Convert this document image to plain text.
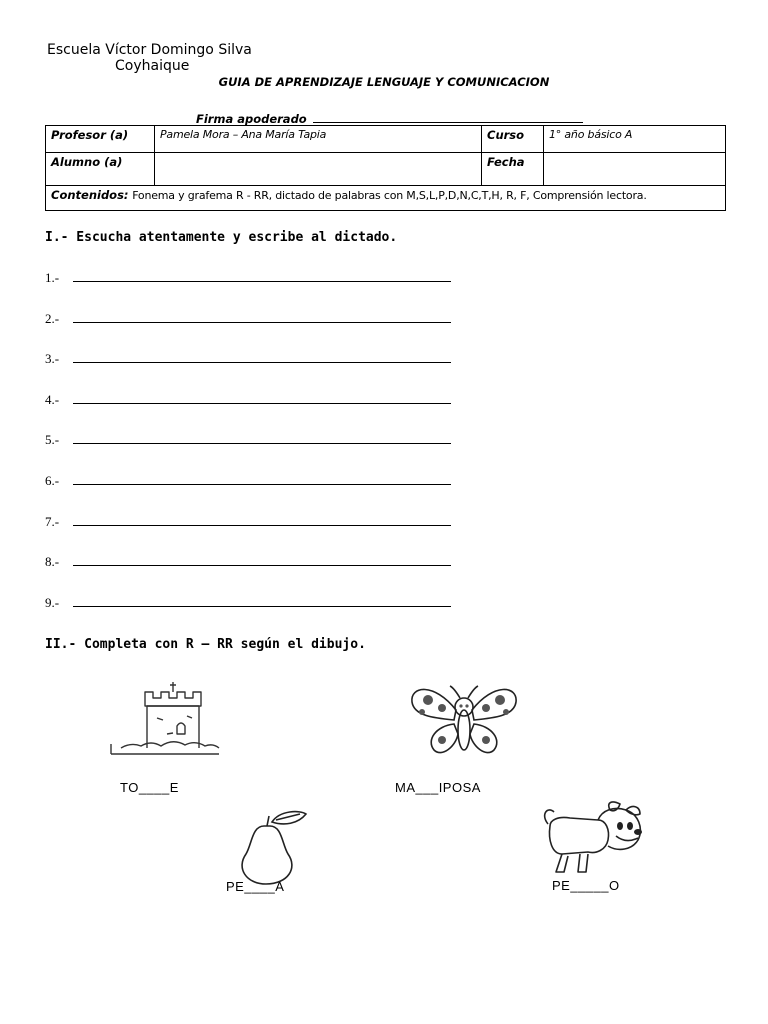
Escuela Víctor Domingo Silva
Coyhaique
GUIA DE APRENDIZAJE LENGUAJE Y COMUNICACION
Firma apoderado
Profesor (a)	Pamela Mora – Ana María Tapia	Curso	1° año básico A
Alumno (a)		Fecha	
Contenidos: Fonema y grafema R - RR, dictado de palabras con M,S,L,P,D,N,C,T,H, R, F, Comprensión lectora.			
I.- Escucha atentamente y escribe al dictado.
1.-
2.-
3.-
4.-
5.-
6.-
7.-
8.-
9.-
II.- Completa con R – RR según el dibujo.
TO____E	MA___IPOSA
PE____A	PE_____O
